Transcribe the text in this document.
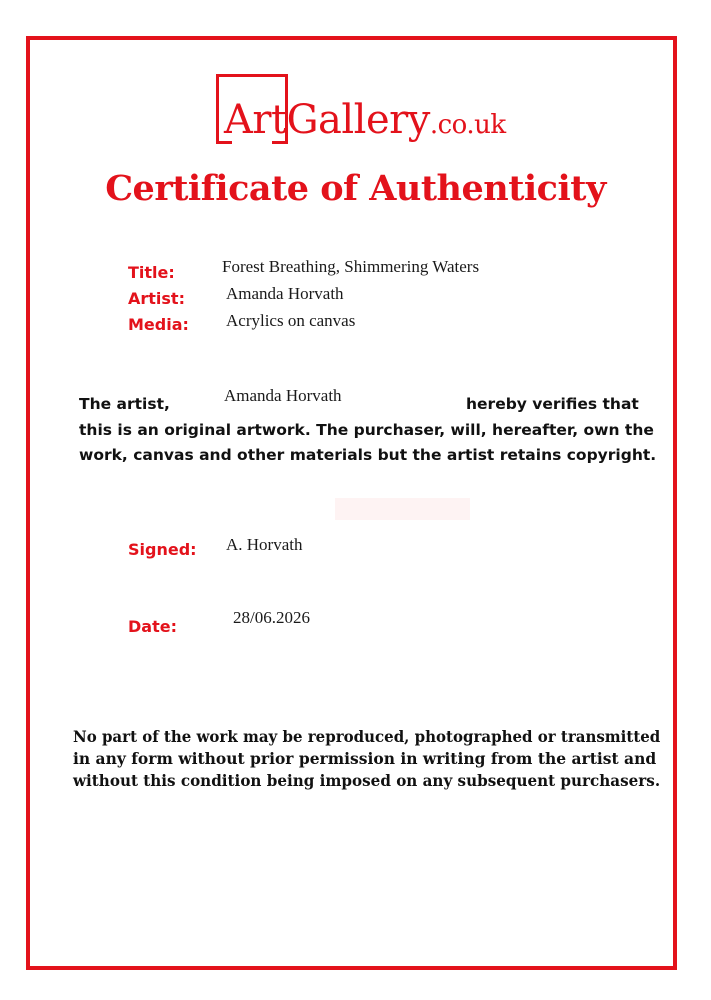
ArtGallery.co.uk
Certificate of Authenticity
Title:	Forest Breathing, Shimmering Waters
Artist: Amanda Horvath
Media: Acrylics on canvas
The artist,	Amanda Horvath	hereby verifies that
this is an original artwork. The purchaser, will, hereafter, own the
work, canvas and other materials but the artist retains copyright.
Signed: A. Horvath
Date:	28/06.2026
No part of the work may be reproduced, photographed or transmitted
in any form without prior permission in writing from the artist and
without this condition being imposed on any subsequent purchasers.
